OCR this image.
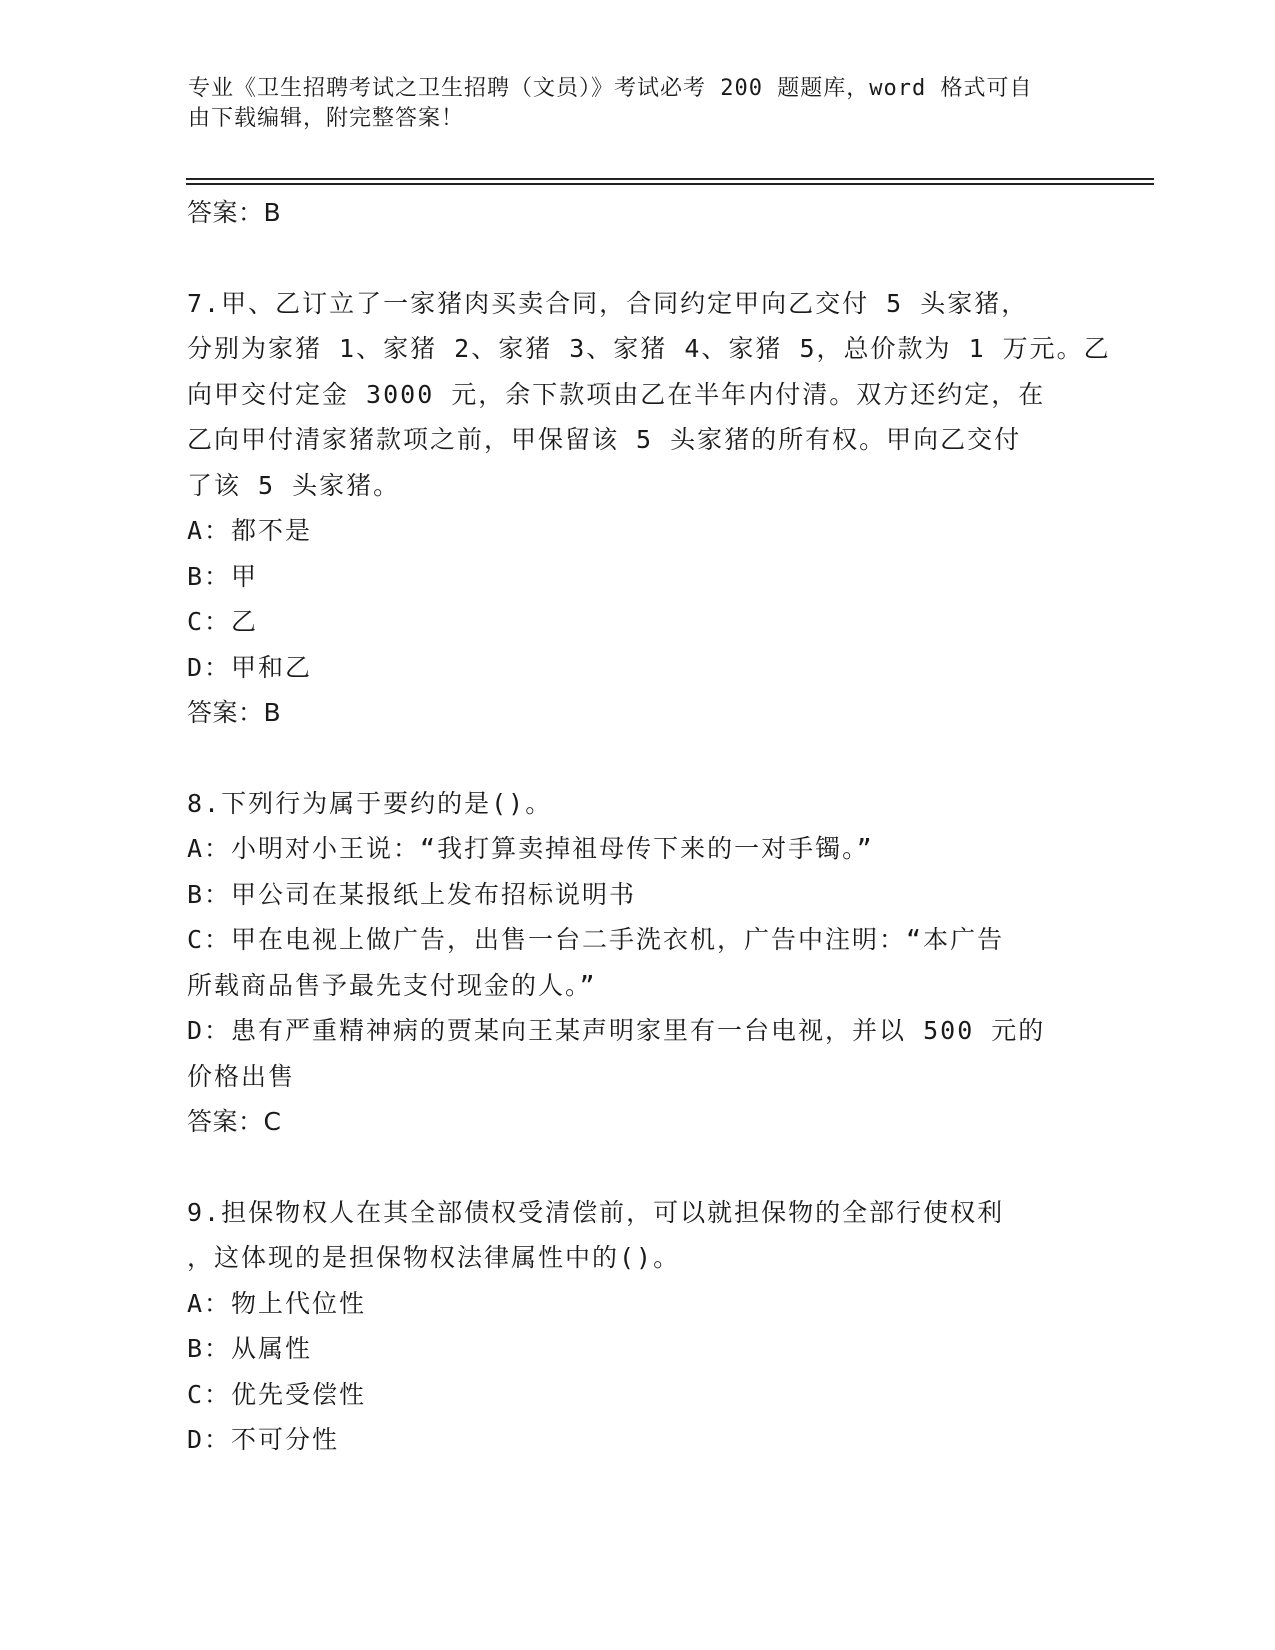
专业《卫生招聘考试之卫生招聘（文员）》考试必考 200 题题库，word 格式可自
由下载编辑，附完整答案！

答案：B

7.甲、乙订立了一家猪肉买卖合同，合同约定甲向乙交付 5 头家猪，

分别为家猪 1、家猪 2、家猪 3、家猪 4、家猪 5，总价款为 1 万元。乙

向甲交付定金 3000 元，余下款项由乙在半年内付清。双方还约定，在

乙向甲付清家猪款项之前，甲保留该 5 头家猪的所有权。甲向乙交付

了该 5 头家猪。

A：都不是

B：甲

C：乙

D：甲和乙

答案：B

8.下列行为属于要约的是()。

A：小明对小王说：“我打算卖掉祖母传下来的一对手镯。”

B：甲公司在某报纸上发布招标说明书

C：甲在电视上做广告，出售一台二手洗衣机，广告中注明：“本广告

所载商品售予最先支付现金的人。”

D：患有严重精神病的贾某向王某声明家里有一台电视，并以 500 元的

价格出售

答案：C

9.担保物权人在其全部债权受清偿前，可以就担保物的全部行使权利

，这体现的是担保物权法律属性中的()。

A：物上代位性

B：从属性

C：优先受偿性

D：不可分性
